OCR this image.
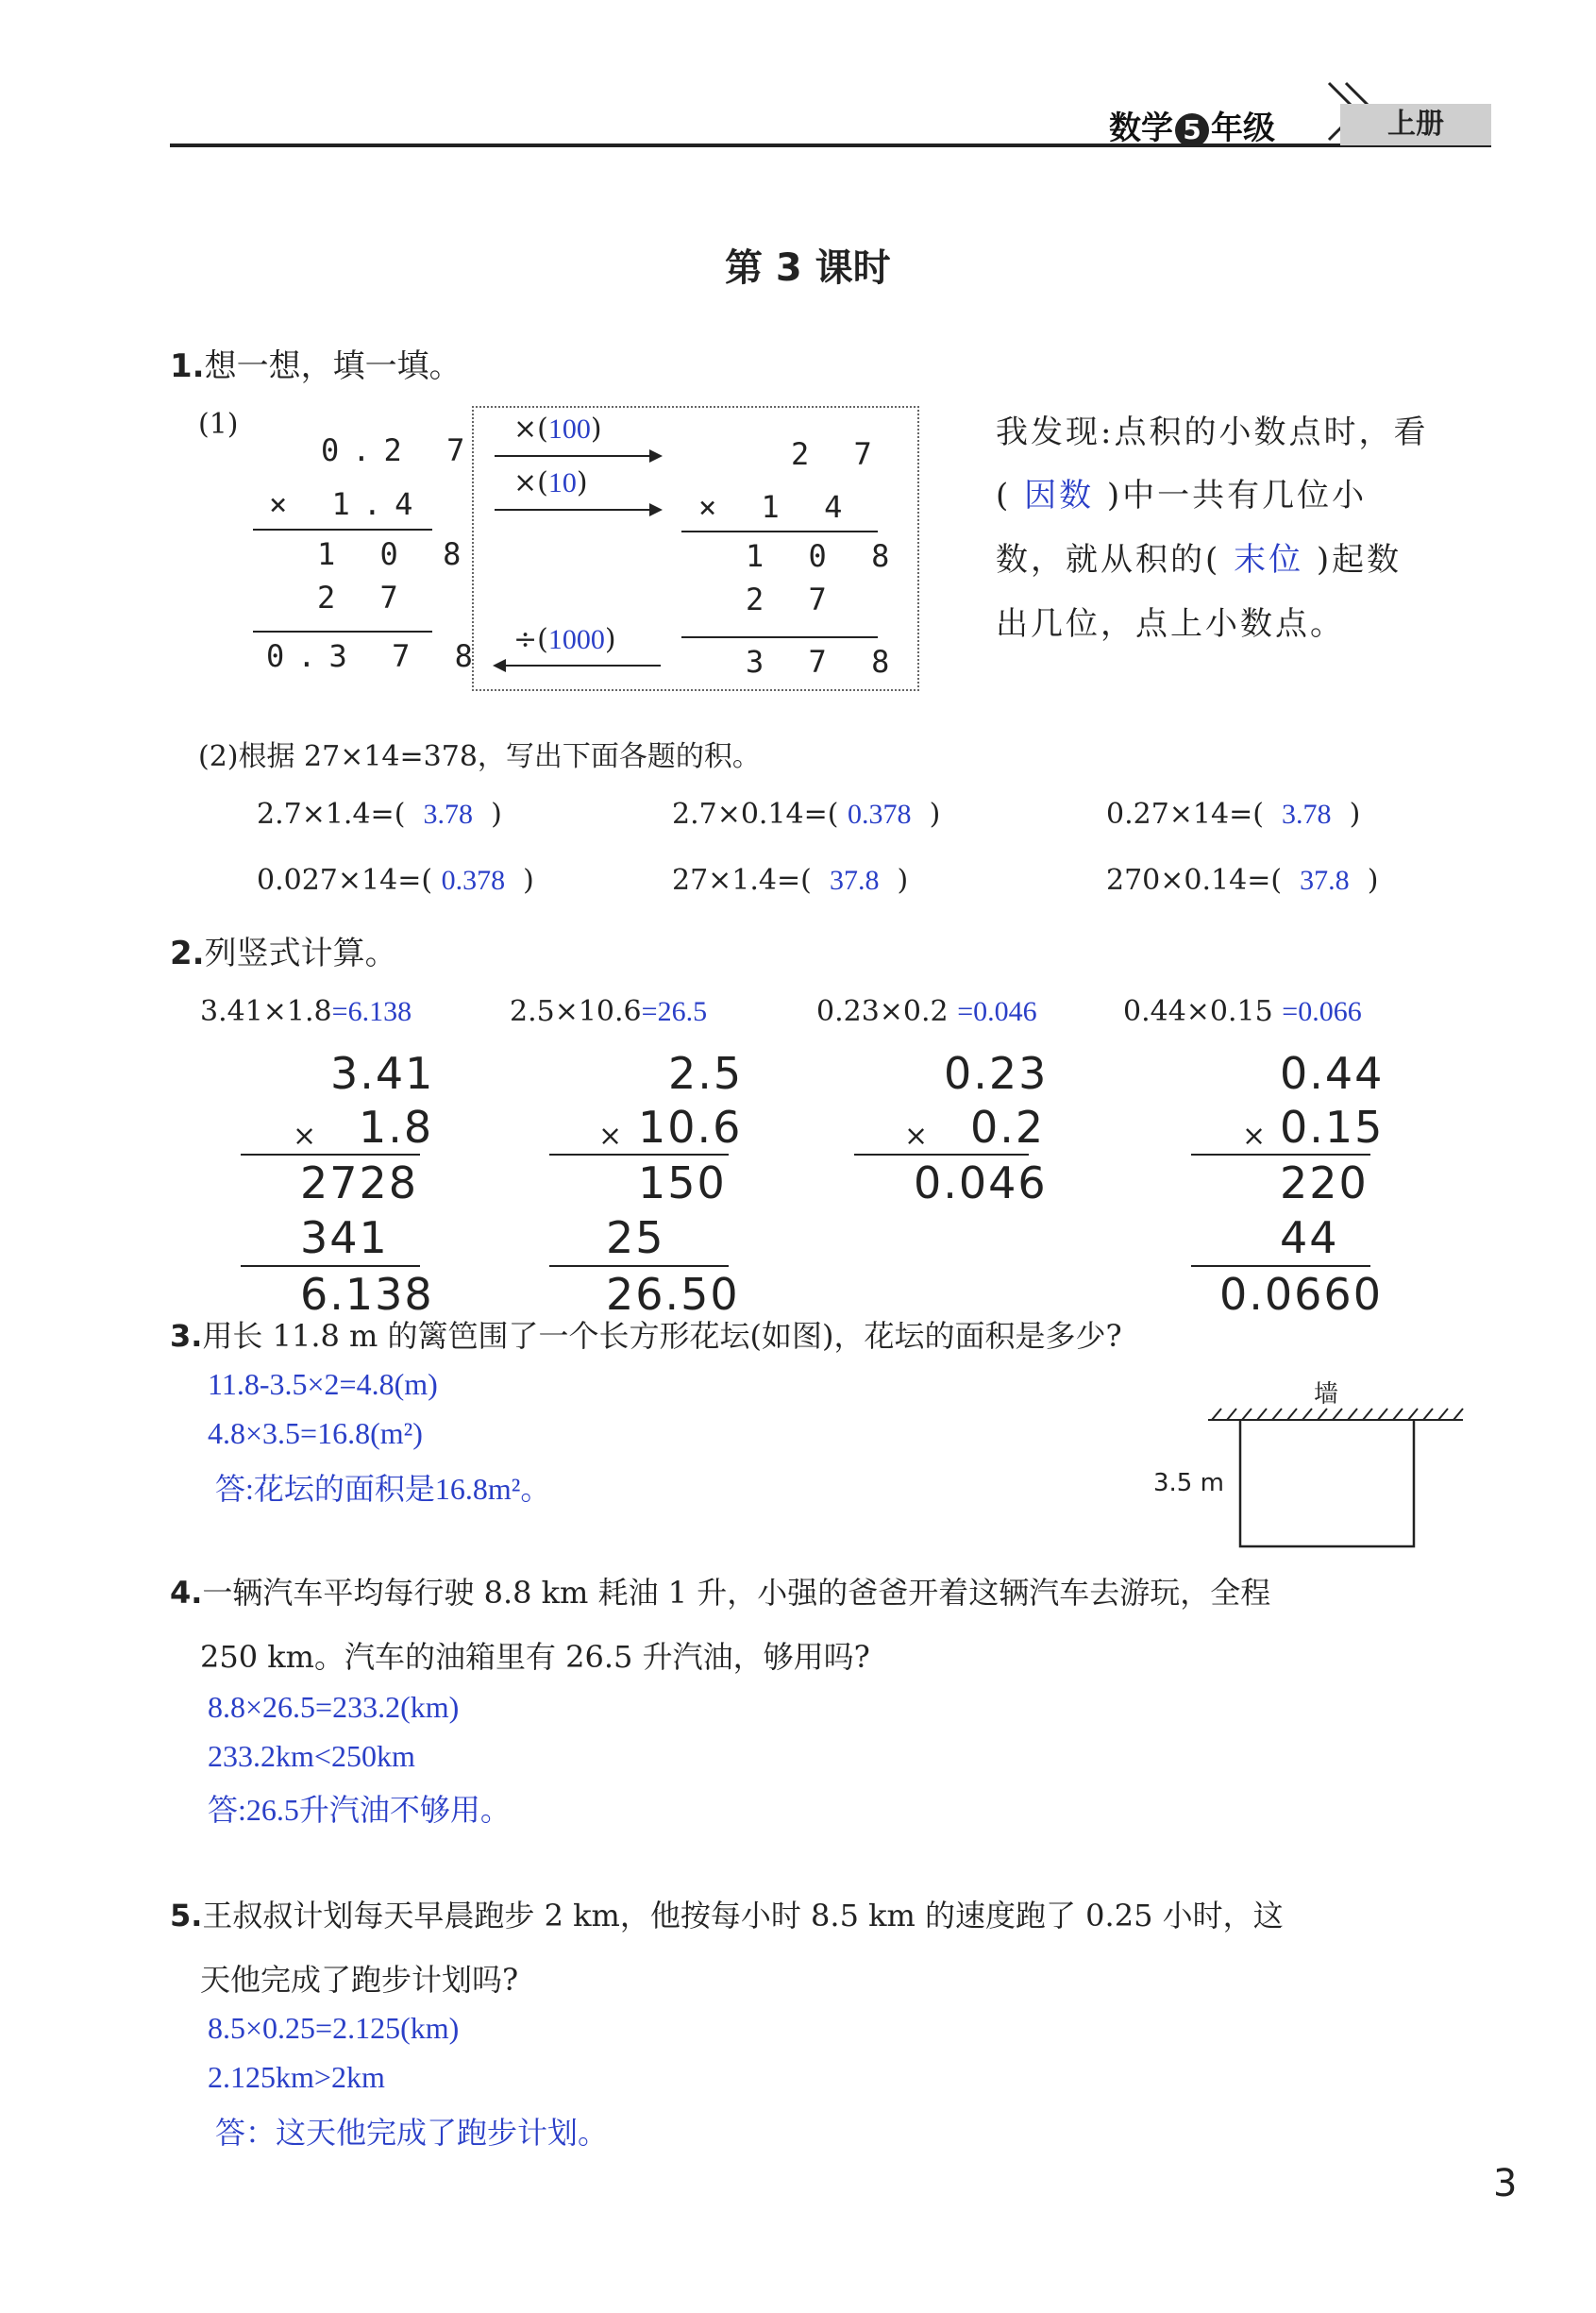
数学 5 年级	上册
第 3 课时
1.想一想，填一填。
(1)
0.2 7
× 1.4
1 0 8
2 7
0.3 7 8
×(100)
×(10)
÷(1000)
2 7
× 1 4
1 0 8
2 7
3 7 8
我发现:点积的小数点时，看
( 因数 )中一共有几位小
数，就从积的( 末位 )起数
出几位，点上小数点。
(2)根据 27×14=378，写出下面各题的积。
2.7×1.4=( 3.78 )	2.7×0.14=( 0.378 )	0.27×14=( 3.78 )
0.027×14=( 0.378 )	27×1.4=( 37.8 )	270×0.14=( 37.8 )
2.列竖式计算。
3.41×1.8=6.138	2.5×10.6=26.5	0.23×0.2 =0.046	0.44×0.15 =0.066
3.41
× 1.8
2728
341
6.138
2.5
× 10.6
150
25
26.50
0.23
× 0.2
0.046
0.44
× 0.15
220
44
0.0660
3.用长 11.8 m 的篱笆围了一个长方形花坛(如图)，花坛的面积是多少?
11.8-3.5×2=4.8(m)
4.8×3.5=16.8(m²)
答:花坛的面积是16.8m²。
墙
3.5 m
4.一辆汽车平均每行驶 8.8 km 耗油 1 升，小强的爸爸开着这辆汽车去游玩，全程
250 km。汽车的油箱里有 26.5 升汽油，够用吗?
8.8×26.5=233.2(km)
233.2km<250km
答:26.5升汽油不够用。
5.王叔叔计划每天早晨跑步 2 km，他按每小时 8.5 km 的速度跑了 0.25 小时，这
天他完成了跑步计划吗?
8.5×0.25=2.125(km)
2.125km>2km
答：这天他完成了跑步计划。
3
